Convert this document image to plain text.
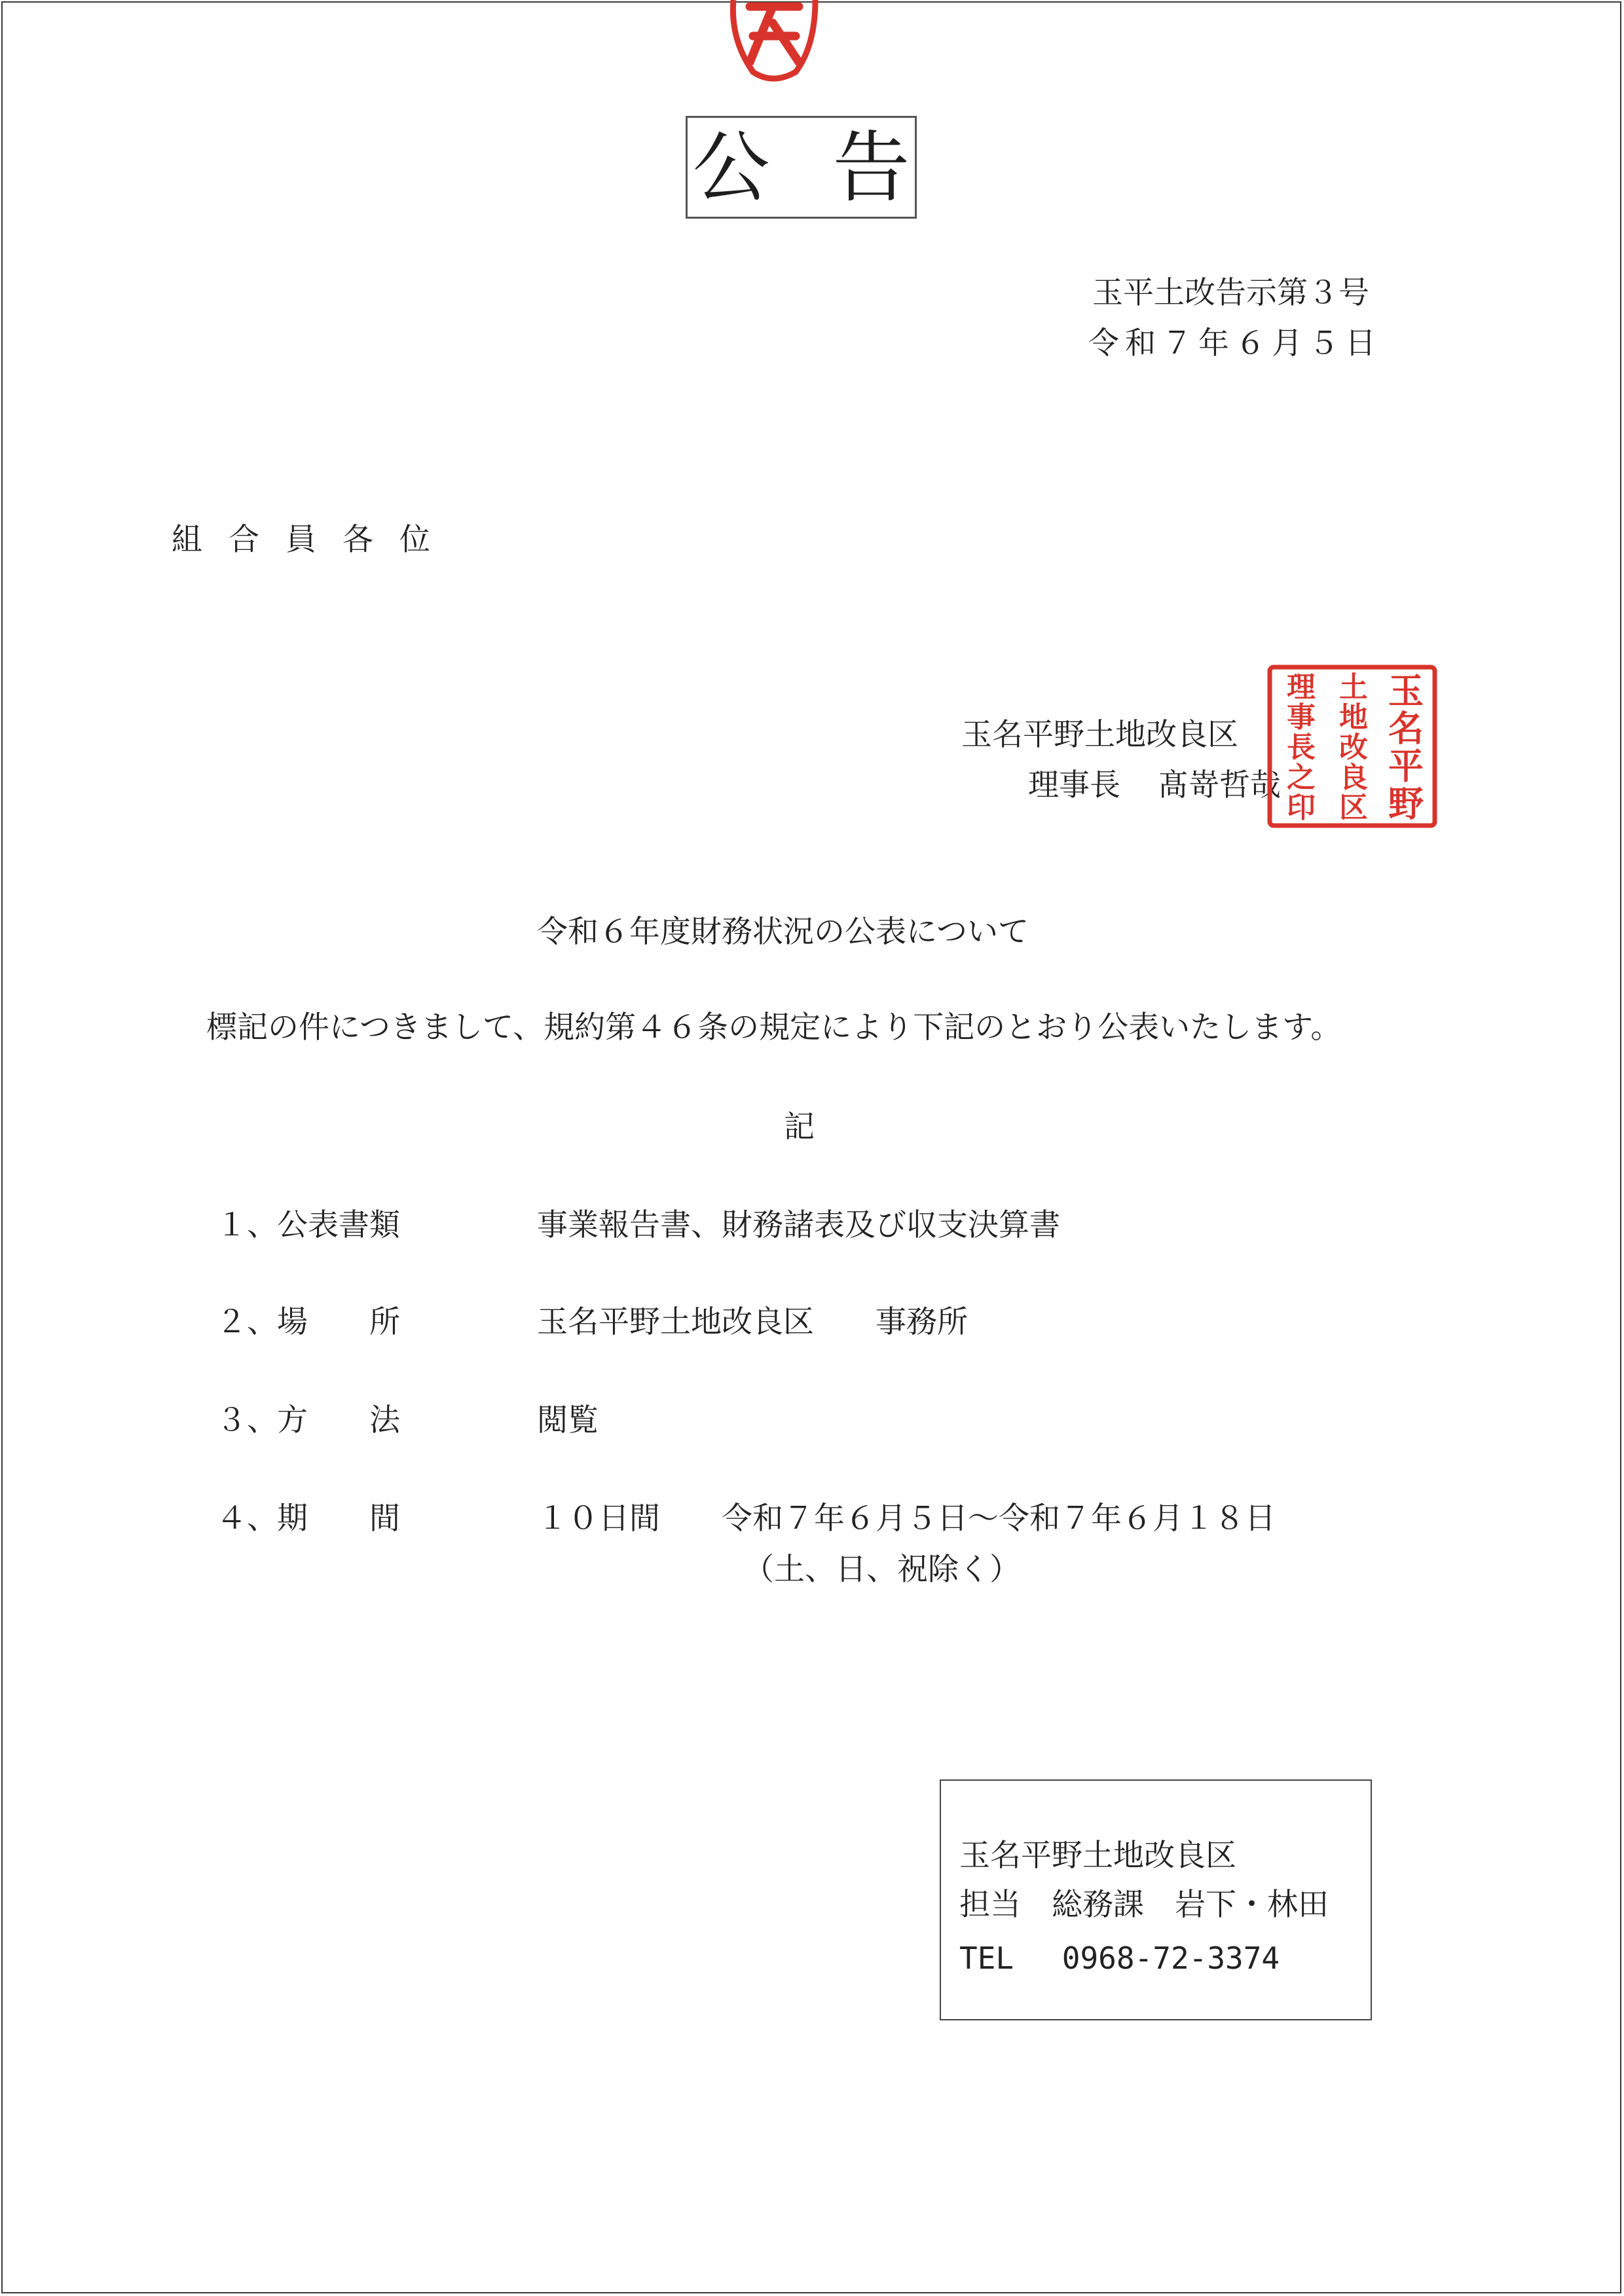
公告
玉平土改告示第３号
令和７年６月５日
組合員各位
玉名平野土地改良区
理事長 髙嵜哲哉
玉
名
平
野
土
地
改
良
区
理
事
長
之
印
令和６年度財務状況の公表について
標記の件につきまして、規約第４６条の規定により下記のとおり公表いたします。
記
１、 公表書類	事業報告書、財務諸表及び収支決算書
２、 場所 玉名平野土地改良区　　事務所
３、 方法 閲覧
４、 期間 １０日間　　令和７年６月５日～令和７年６月１８日
（土、日、祝除く）
玉名平野土地改良区
担当　総務課　岩下・林田
TEL　 0968-72-3374
